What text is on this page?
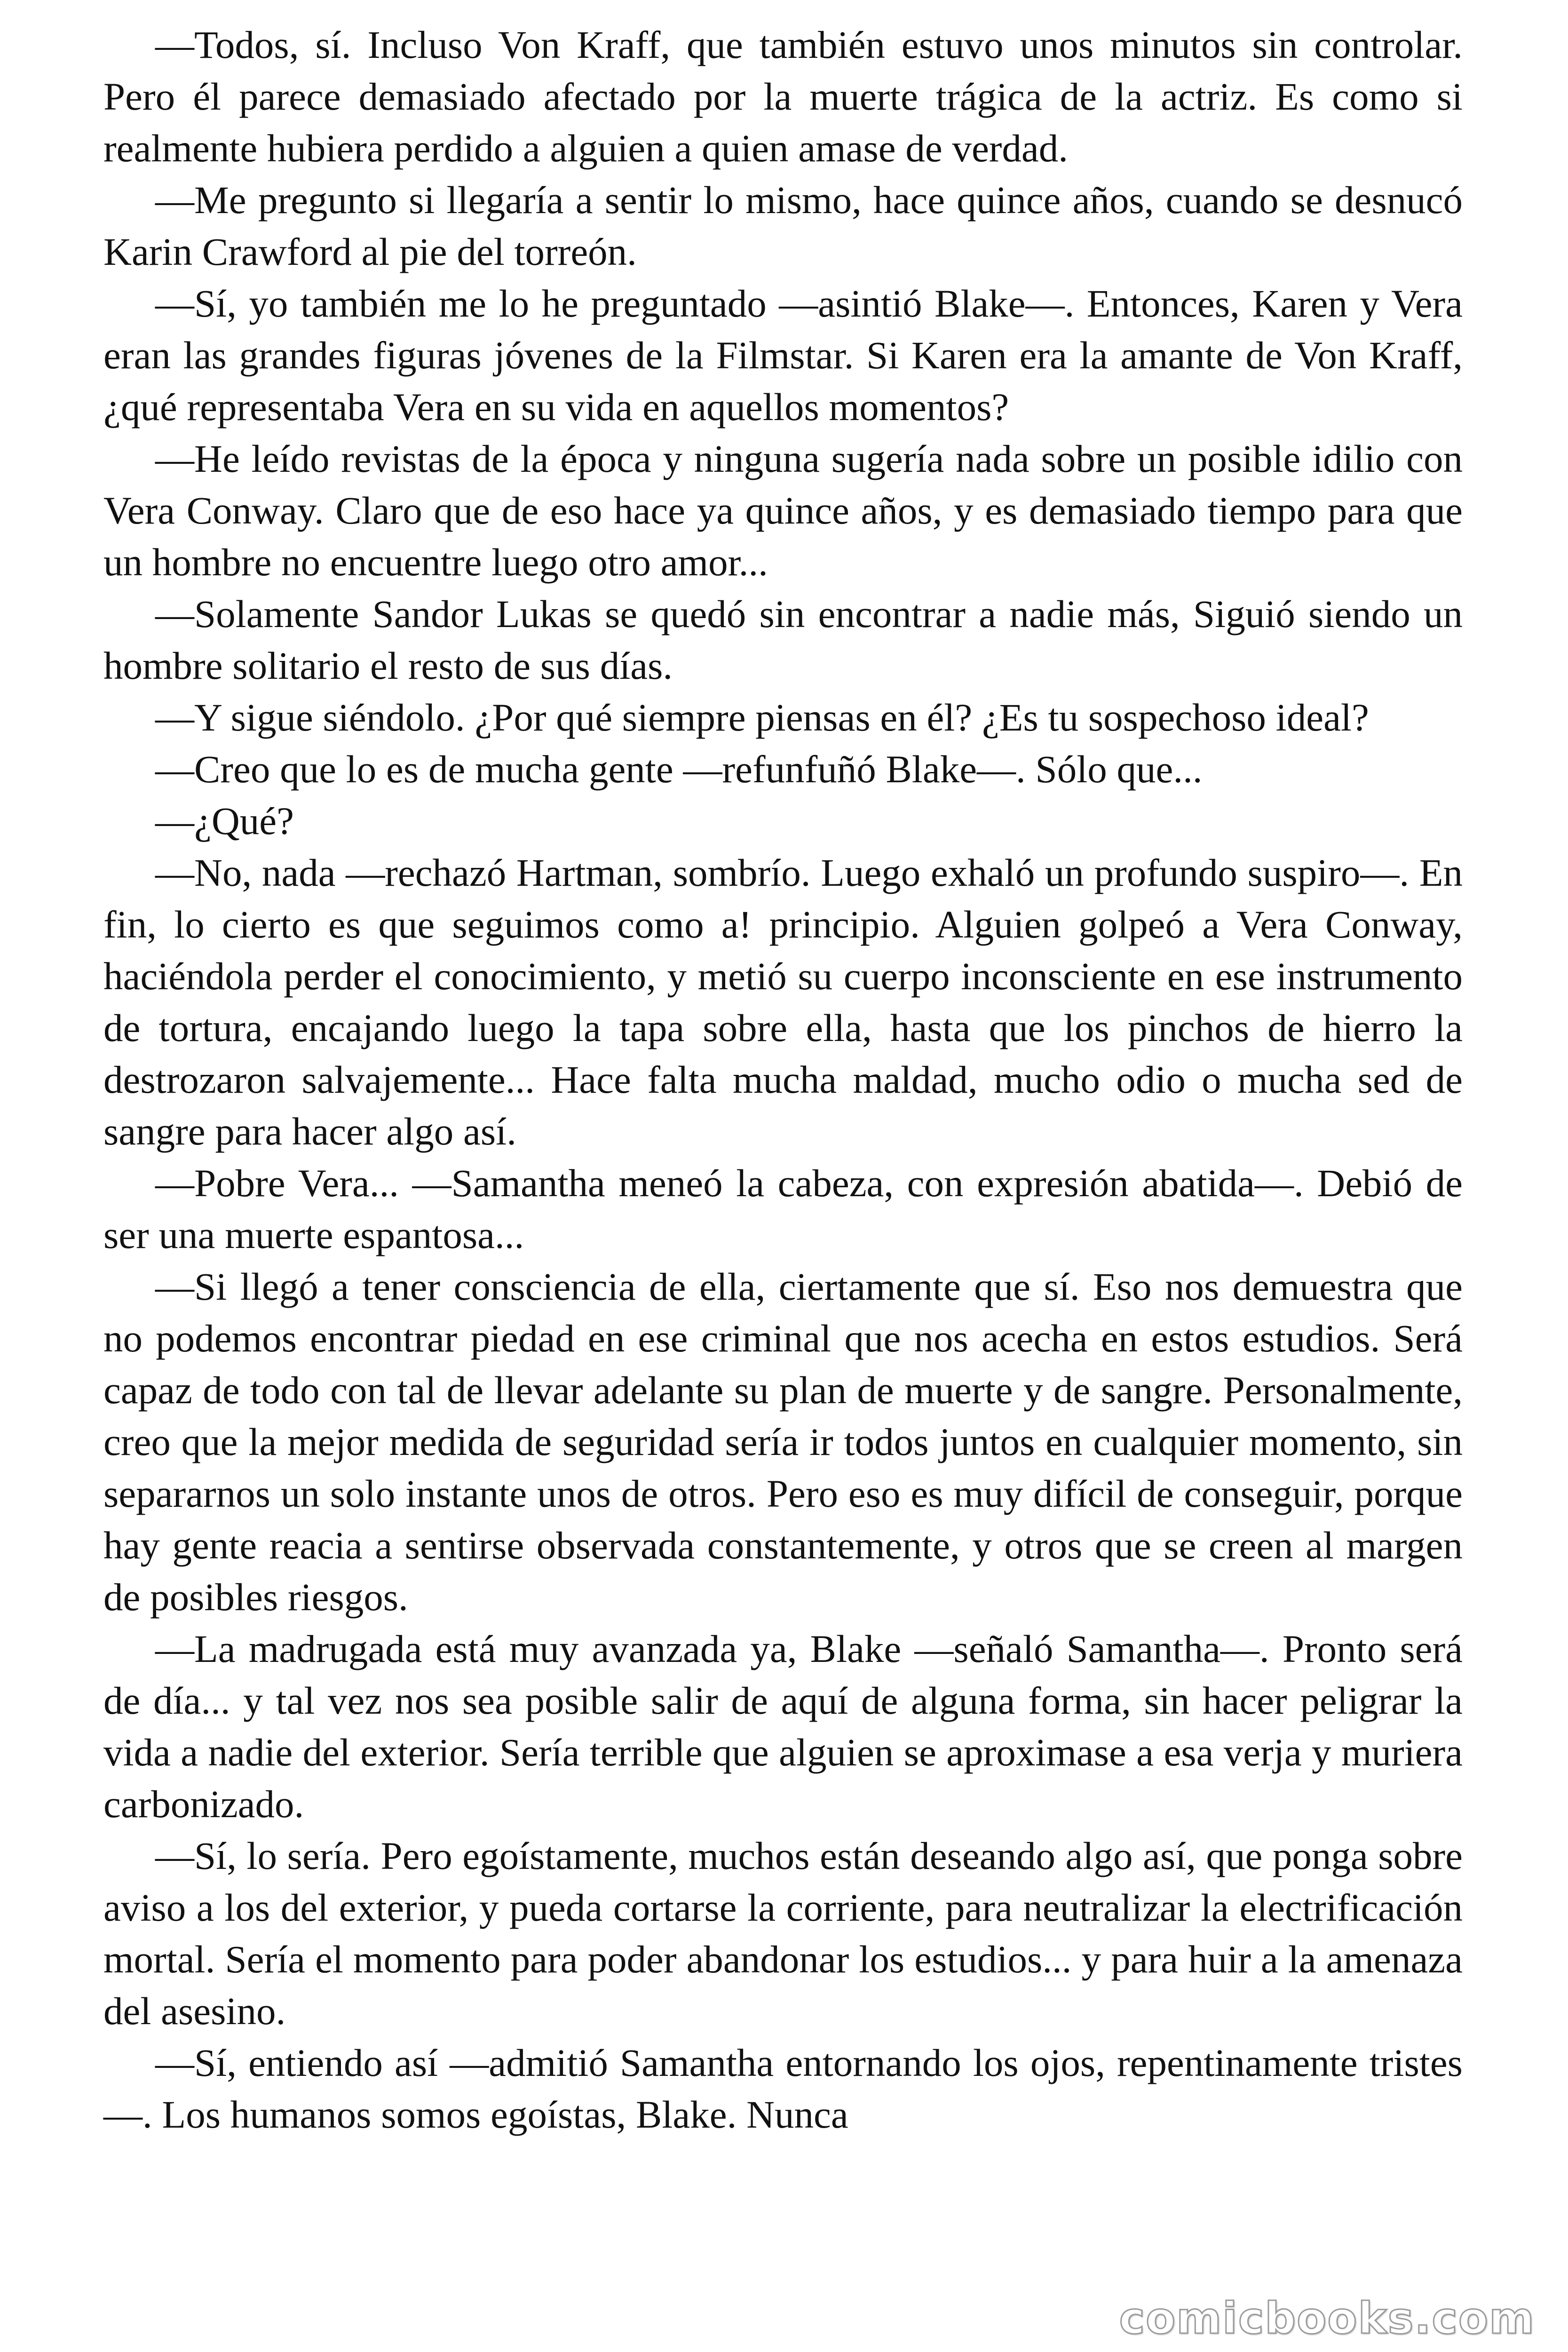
—Todos, sí. Incluso Von Kraff, que también estuvo unos minutos sin controlar. Pero él parece demasiado afectado por la muerte trágica de la actriz. Es como si realmente hubiera perdido a alguien a quien amase de verdad.

—Me pregunto si llegaría a sentir lo mismo, hace quince años, cuando se desnucó Karin Crawford al pie del torreón.

—Sí, yo también me lo he preguntado —asintió Blake—. Entonces, Karen y Vera eran las grandes figuras jóvenes de la Filmstar. Si Karen era la amante de Von Kraff, ¿qué representaba Vera en su vida en aquellos momentos?

—He leído revistas de la época y ninguna sugería nada sobre un posible idilio con Vera Conway. Claro que de eso hace ya quince años, y es demasiado tiempo para que un hombre no encuentre luego otro amor...

—Solamente Sandor Lukas se quedó sin encontrar a nadie más, Siguió siendo un hombre solitario el resto de sus días.

—Y sigue siéndolo. ¿Por qué siempre piensas en él? ¿Es tu sospechoso ideal?

—Creo que lo es de mucha gente —refunfuñó Blake—. Sólo que...

—¿Qué?

—No, nada —rechazó Hartman, sombrío. Luego exhaló un profundo suspiro—. En fin, lo cierto es que seguimos como a! principio. Alguien golpeó a Vera Conway, haciéndola perder el conocimiento, y metió su cuerpo inconsciente en ese instrumento de tortura, encajando luego la tapa sobre ella, hasta que los pinchos de hierro la destrozaron salvajemente... Hace falta mucha maldad, mucho odio o mucha sed de sangre para hacer algo así.

—Pobre Vera... —Samantha meneó la cabeza, con expresión abatida—. Debió de ser una muerte espantosa...

—Si llegó a tener consciencia de ella, ciertamente que sí. Eso nos demuestra que no podemos encontrar piedad en ese criminal que nos acecha en estos estudios. Será capaz de todo con tal de llevar adelante su plan de muerte y de sangre. Personalmente, creo que la mejor medida de seguridad sería ir todos juntos en cualquier momento, sin separarnos un solo instante unos de otros. Pero eso es muy difícil de conseguir, porque hay gente reacia a sentirse observada constantemente, y otros que se creen al margen de posibles riesgos.

—La madrugada está muy avanzada ya, Blake —señaló Samantha—. Pronto será de día... y tal vez nos sea posible salir de aquí de alguna forma, sin hacer peligrar la vida a nadie del exterior. Sería terrible que alguien se aproximase a esa verja y muriera carbonizado.

—Sí, lo sería. Pero egoístamente, muchos están deseando algo así, que ponga sobre aviso a los del exterior, y pueda cortarse la corriente, para neutralizar la electrificación mortal. Sería el momento para poder abandonar los estudios... y para huir a la amenaza del asesino.

—Sí, entiendo así —admitió Samantha entornando los ojos, repentinamente tristes—. Los humanos somos egoístas, Blake. Nunca

comicbooks.com
